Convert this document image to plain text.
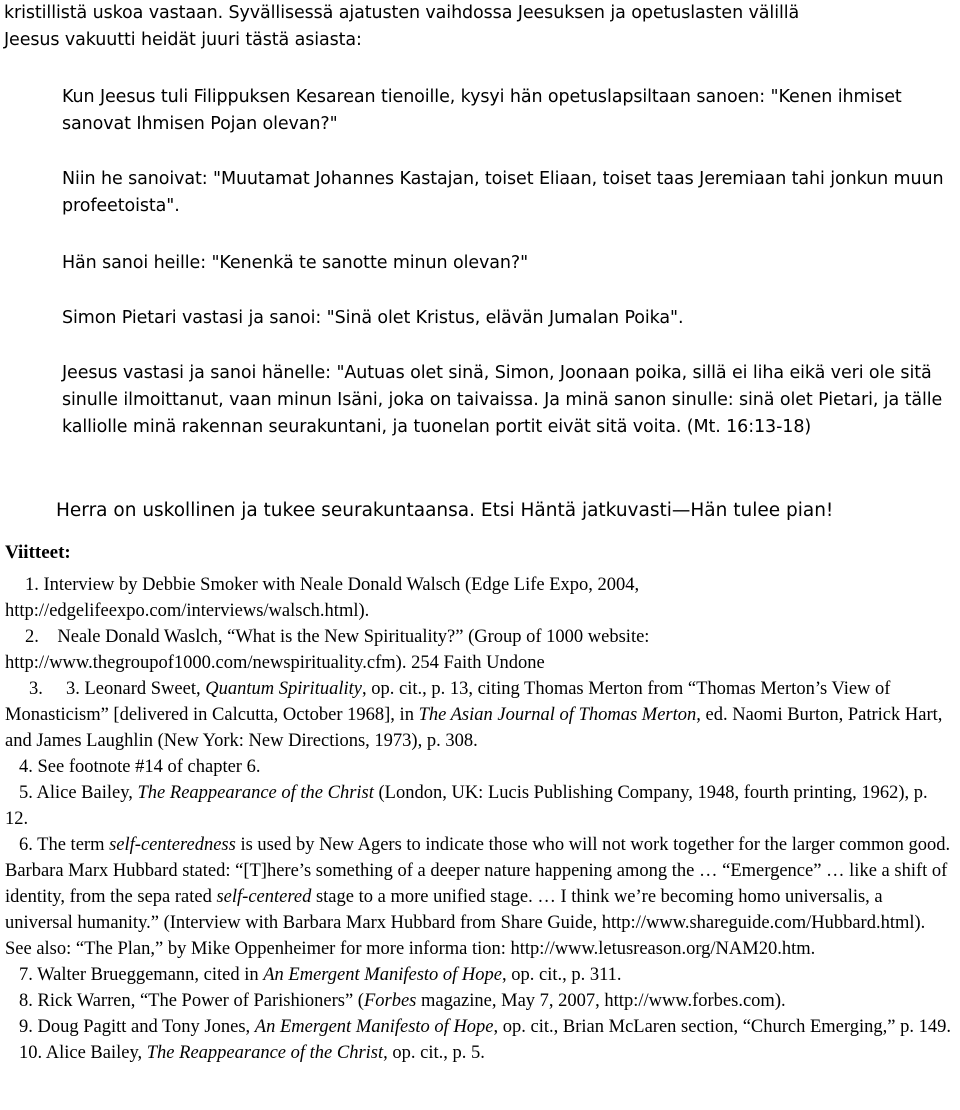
kristillistä uskoa vastaan. Syvällisessä ajatusten vaihdossa Jeesuksen ja opetuslasten välillä

Jeesus vakuutti heidät juuri tästä asiasta:

Kun Jeesus tuli Filippuksen Kesarean tienoille, kysyi hän opetuslapsiltaan sanoen: "Kenen ihmiset sanovat Ihmisen Pojan olevan?"

Niin he sanoivat: "Muutamat Johannes Kastajan, toiset Eliaan, toiset taas Jeremiaan tahi jonkun muun profeetoista".

Hän sanoi heille: "Kenenkä te sanotte minun olevan?"

Simon Pietari vastasi ja sanoi: "Sinä olet Kristus, elävän Jumalan Poika".

Jeesus vastasi ja sanoi hänelle: "Autuas olet sinä, Simon, Joonaan poika, sillä ei liha eikä veri ole sitä sinulle ilmoittanut, vaan minun Isäni, joka on taivaissa. Ja minä sanon sinulle: sinä olet Pietari, ja tälle kalliolle minä rakennan seurakuntani, ja tuonelan portit eivät sitä voita. (Mt. 16:13-18)

Herra on uskollinen ja tukee seurakuntaansa. Etsi Häntä jatkuvasti—Hän tulee pian!

Viitteet:
1. Interview by Debbie Smoker with Neale Donald Walsch (Edge Life Expo, 2004,
http://edgelifeexpo.com/interviews/walsch.html).
2.    Neale Donald Waslch, “What is the New Spirituality?” (Group of 1000 website:
http://www.thegroupof1000.com/newspirituality.cfm). 254 Faith Undone
3.     3. Leonard Sweet, Quantum Spirituality, op. cit., p. 13, citing Thomas Merton from “Thomas Merton’s View of Monasticism” [delivered in Calcutta, October 1968], in The Asian Journal of Thomas Merton, ed. Naomi Burton, Patrick Hart, and James Laughlin (New York: New Directions, 1973), p. 308.
4. See footnote #14 of chapter 6.
5. Alice Bailey, The Reappearance of the Christ (London, UK: Lucis Publishing Company, 1948, fourth printing, 1962), p. 12.
6. The term self-centeredness is used by New Agers to indicate those who will not work together for the larger common good. Barbara Marx Hubbard stated: “[T]here’s something of a deeper nature happening among the … “Emergence” … like a shift of identity, from the sepa rated self-centered stage to a more unified stage. … I think we’re becoming homo universalis, a universal humanity.” (Interview with Barbara Marx Hubbard from Share Guide, http://www.shareguide.com/Hubbard.html). See also: “The Plan,” by Mike Oppenheimer for more informa tion: http://www.letusreason.org/NAM20.htm.
7. Walter Brueggemann, cited in An Emergent Manifesto of Hope, op. cit., p. 311.
8. Rick Warren, “The Power of Parishioners” (Forbes magazine, May 7, 2007, http://www.forbes.com).
9. Doug Pagitt and Tony Jones, An Emergent Manifesto of Hope, op. cit., Brian McLaren section, “Church Emerging,” p. 149.
10. Alice Bailey, The Reappearance of the Christ, op. cit., p. 5.
